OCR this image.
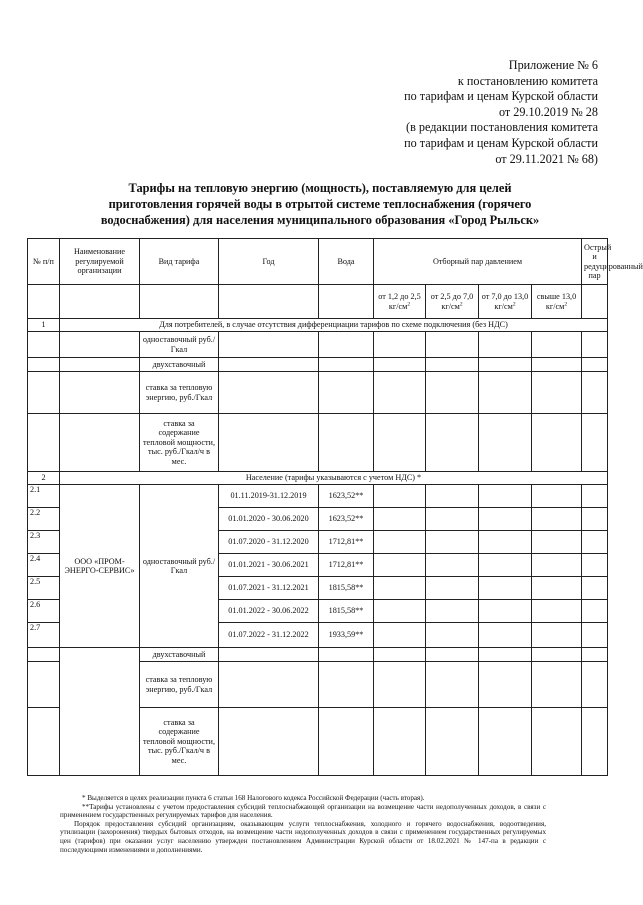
Приложение № 6
к постановлению комитета
по тарифам и ценам Курской области
от 29.10.2019 № 28
(в редакции постановления комитета
по тарифам и ценам Курской области
от 29.11.2021 № 68)
Тарифы на тепловую энергию (мощность), поставляемую для целей
приготовления горячей воды в отрытой системе теплоснабжения (горячего
водоснабжения) для населения муниципального образования «Город Рыльск»
№ п/п	Наименование регулируемой организации	Вид тарифа	Год	Вода	Отборный пар давлением				Острый и редуцированный пар
					от 1,2 до 2,5 $кг/см^2$	от 2,5 до 7,0 $кг/см^2$	от 7,0 до 13,0 $кг/см^2$	свыше 13,0 $кг/см^2$	
1	Для потребителей, в случае отсутствия дифференциации тарифов по схеме подключения (без НДС)								
		одноставочный руб./Гкал							
		двухставочный							
		ставка за тепловую энергию, руб./Гкал							
		ставка за содержание тепловой мощности, тыс. руб./Гкал/ч в мес.							
2	Население (тарифы указываются с учетом НДС) *								
2.1	ООО «ПРОМ-ЭНЕРГО-СЕРВИС»	одноставочный руб./Гкал	01.11.2019-31.12.2019	1623,52**					
2.2			01.01.2020 - 30.06.2020	1623,52**					
2.3			01.07.2020 - 31.12.2020	1712,81**					
2.4			01.01.2021 - 30.06.2021	1712,81**					
2.5			01.07.2021 - 31.12.2021	1815,58**					
2.6			01.01.2022 - 30.06.2022	1815,58**					
2.7			01.07.2022 - 31.12.2022	1933,59**					
		двухставочный							
		ставка за тепловую энергию, руб./Гкал							
		ставка за содержание тепловой мощности, тыс. руб./Гкал/ч в мес.							

* Выделяется в целях реализации пункта 6 статьи 168 Налогового кодекса Российской Федерации (часть вторая).

**Тарифы установлены с учетом предоставления субсидий теплоснабжающей организации на возмещение части недополученных доходов, в связи с применением государственных регулируемых тарифов для населения.

Порядок предоставления субсидий организациям, оказывающим услуги теплоснабжения, холодного и горячего водоснабжения, водоотведения, утилизации (захоронения) твердых бытовых отходов, на возмещение части недополученных доходов в связи с применением государственных регулируемых цен (тарифов) при оказании услуг населению утвержден постановлением Администрации Курской области от 18.02.2021 № 147-па в редакции с последующими изменениями и дополнениями.
